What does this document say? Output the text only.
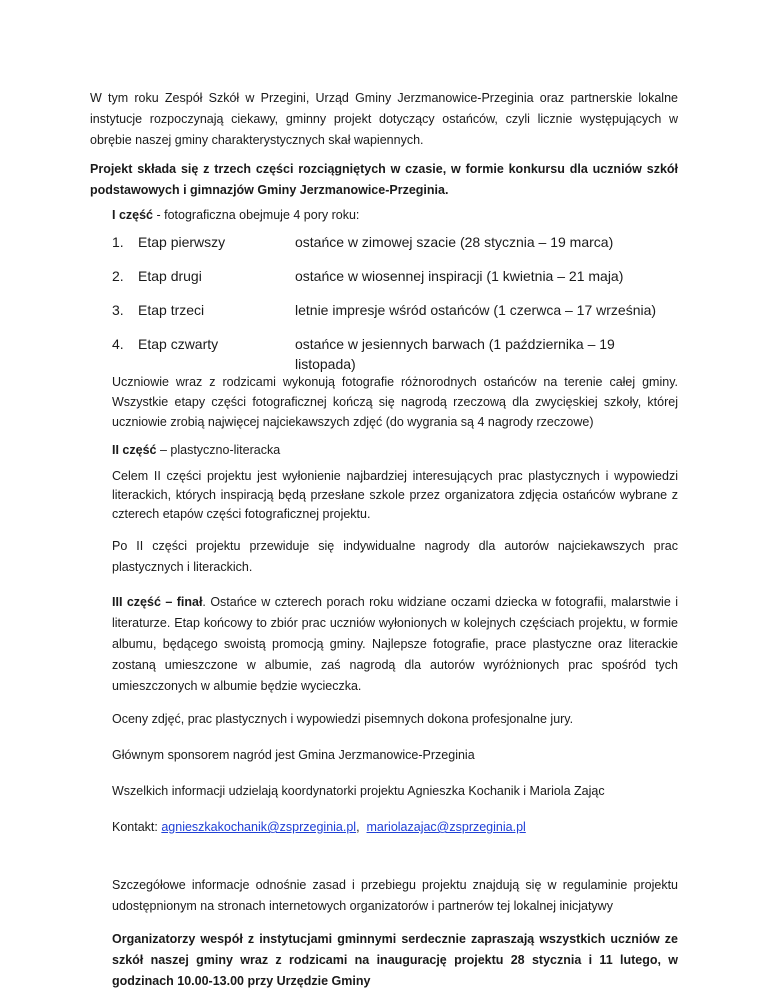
W tym roku Zespół Szkół w Przegini, Urząd Gminy Jerzmanowice-Przeginia oraz partnerskie lokalne instytucje rozpoczynają ciekawy, gminny projekt dotyczący ostańców, czyli licznie występujących w obrębie naszej gminy charakterystycznych skał wapiennych.

Projekt składa się z trzech części rozciągniętych w czasie, w formie konkursu dla uczniów szkół podstawowych i gimnazjów Gminy Jerzmanowice-Przeginia.

I część - fotograficzna obejmuje 4 pory roku:

1.	Etap pierwszy	ostańce w zimowej szacie (28 stycznia – 19 marca)
2.	Etap drugi	ostańce w wiosennej inspiracji (1 kwietnia – 21 maja)
3.	Etap trzeci	letnie impresje wśród ostańców (1 czerwca – 17 września)
4.	Etap czwarty	ostańce w jesiennych barwach (1 października – 19 listopada)

Uczniowie wraz z rodzicami wykonują fotografie różnorodnych ostańców na terenie całej gminy. Wszystkie etapy części fotograficznej kończą się nagrodą rzeczową dla zwycięskiej szkoły, której uczniowie zrobią najwięcej najciekawszych zdjęć (do wygrania są 4 nagrody rzeczowe)

II część – plastyczno-literacka

Celem II części projektu jest wyłonienie najbardziej interesujących prac plastycznych i wypowiedzi literackich, których inspiracją będą przesłane szkole przez organizatora zdjęcia ostańców wybrane z czterech etapów części fotograficznej projektu.

Po II części projektu przewiduje się indywidualne nagrody dla autorów najciekawszych prac plastycznych i literackich.

III część – finał. Ostańce w czterech porach roku widziane oczami dziecka w fotografii, malarstwie i literaturze. Etap końcowy to zbiór prac uczniów wyłonionych w kolejnych częściach projektu, w formie albumu, będącego swoistą promocją gminy. Najlepsze fotografie, prace plastyczne oraz literackie zostaną umieszczone w albumie, zaś nagrodą dla autorów wyróżnionych prac spośród tych umieszczonych w albumie będzie wycieczka.

Oceny zdjęć, prac plastycznych i wypowiedzi pisemnych dokona profesjonalne jury.

Głównym sponsorem nagród jest Gmina Jerzmanowice-Przeginia

Wszelkich informacji udzielają koordynatorki projektu Agnieszka Kochanik i Mariola Zając

Kontakt: agnieszkakochanik@zsprzeginia.pl,  mariolazajac@zsprzeginia.pl

Szczegółowe informacje odnośnie zasad i przebiegu projektu znajdują się w regulaminie projektu udostępnionym na stronach internetowych organizatorów i partnerów tej lokalnej inicjatywy

Organizatorzy wespół z instytucjami gminnymi serdecznie zapraszają wszystkich uczniów ze szkół naszej gminy wraz z rodzicami na inaugurację projektu 28 stycznia i 11 lutego, w godzinach 10.00-13.00 przy Urzędzie Gminy
